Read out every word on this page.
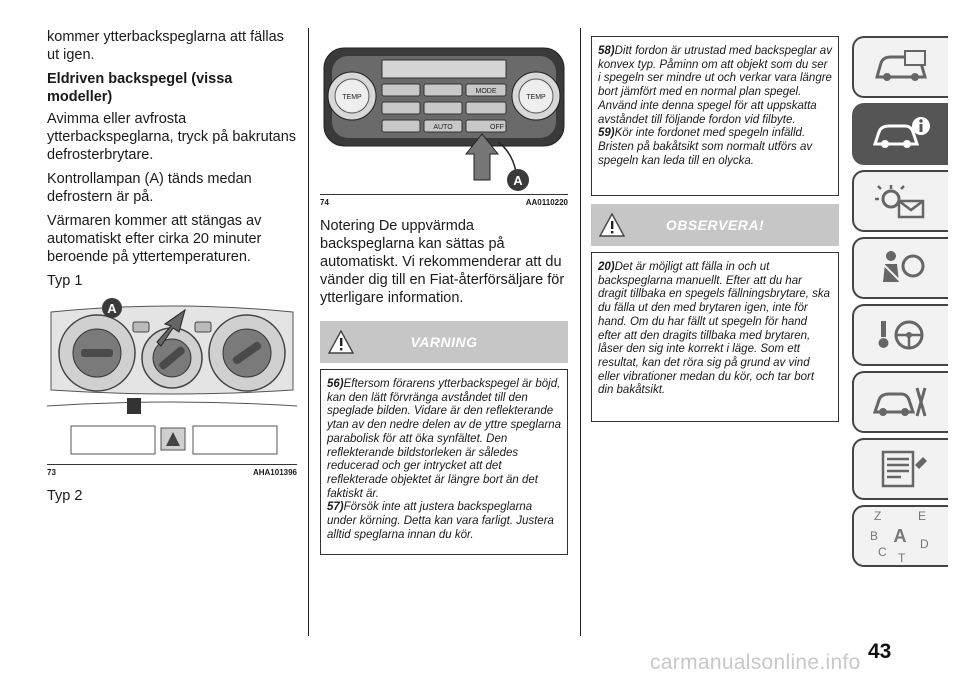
kommer ytterbackspeglarna att fällas ut igen.

Eldriven backspegel (vissa modeller)

Avimma eller avfrosta ytterbackspeglarna, tryck på bakrutans defrosterbrytare.

Kontrollampan (A) tänds medan defrostern är på.

Värmaren kommer att stängas av automatiskt efter cirka 20 minuter beroende på yttertemperaturen.

Typ 1

A
73	AHA101396

Typ 2

TEMP	TEMP
MODE
AUTO	OFF
A
74	AA0110220

Notering De uppvärmda backspeglarna kan sättas på automatiskt. Vi rekommenderar att du vänder dig till en Fiat-återförsäljare för ytterligare information.

VARNING

56)Eftersom förarens ytterbackspegel är böjd, kan den lätt förvränga avståndet till den speglade bilden. Vidare är den reflekterande ytan av den nedre delen av de yttre speglarna parabolisk för att öka synfältet. Den reflekterande bildstorleken är således reducerad och ger intrycket att det reflekterade objektet är längre bort än det faktiskt är.

57)Försök inte att justera backspeglarna under körning. Detta kan vara farligt. Justera alltid speglarna innan du kör.

58)Ditt fordon är utrustad med backspeglar av konvex typ. Påminn om att objekt som du ser i spegeln ser mindre ut och verkar vara längre bort jämfört med en normal plan spegel. Använd inte denna spegel för att uppskatta avståndet till följande fordon vid filbyte.

59)Kör inte fordonet med spegeln infälld. Bristen på bakåtsikt som normalt utförs av spegeln kan leda till en olycka.

OBSERVERA!

20)Det är möjligt att fälla in och ut backspeglarna manuellt. Efter att du har dragit tillbaka en spegels fällningsbrytare, ska du fälla ut den med brytaren igen, inte för hand. Om du har fällt ut spegeln för hand efter att den dragits tillbaka med brytaren, låser den sig inte korrekt i läge. Som ett resultat, kan det röra sig på grund av vind eller vibrationer medan du kör, och tar bort din bakåtsikt.

Z	E
A
B
C
D
T
43
carmanualsonline.info
